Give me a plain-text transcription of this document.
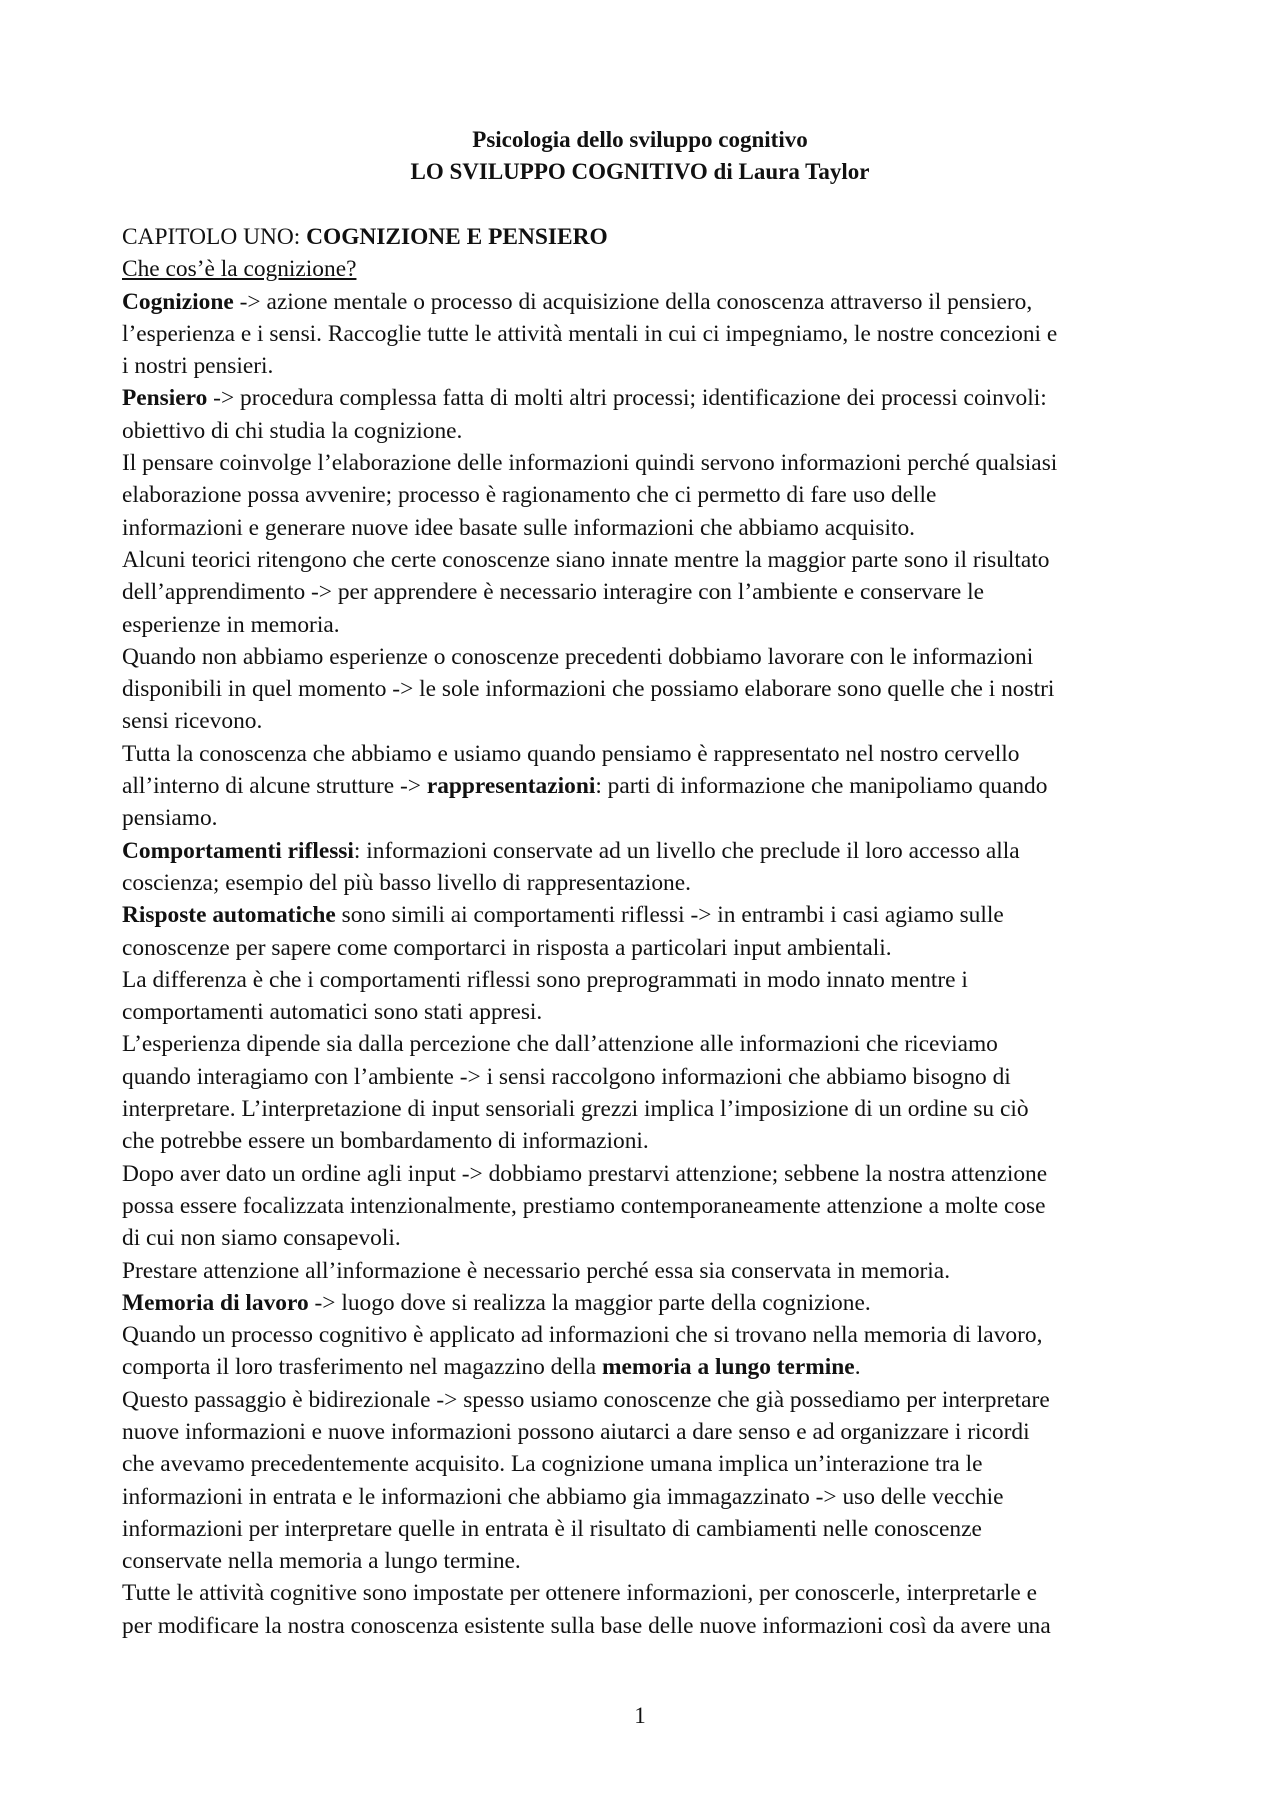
Psicologia dello sviluppo cognitivo
LO SVILUPPO COGNITIVO di Laura Taylor
CAPITOLO UNO: COGNIZIONE E PENSIERO
Che cos’è la cognizione?
Cognizione -> azione mentale o processo di acquisizione della conoscenza attraverso il pensiero,
l’esperienza e i sensi. Raccoglie tutte le attività mentali in cui ci impegniamo, le nostre concezioni e
i nostri pensieri.
Pensiero -> procedura complessa fatta di molti altri processi; identificazione dei processi coinvoli:
obiettivo di chi studia la cognizione.
Il pensare coinvolge l’elaborazione delle informazioni quindi servono informazioni perché qualsiasi
elaborazione possa avvenire; processo è ragionamento che ci permetto di fare uso delle
informazioni e generare nuove idee basate sulle informazioni che abbiamo acquisito.
Alcuni teorici ritengono che certe conoscenze siano innate mentre la maggior parte sono il risultato
dell’apprendimento -> per apprendere è necessario interagire con l’ambiente e conservare le
esperienze in memoria.
Quando non abbiamo esperienze o conoscenze precedenti dobbiamo lavorare con le informazioni
disponibili in quel momento -> le sole informazioni che possiamo elaborare sono quelle che i nostri
sensi ricevono.
Tutta la conoscenza che abbiamo e usiamo quando pensiamo è rappresentato nel nostro cervello
all’interno di alcune strutture -> rappresentazioni: parti di informazione che manipoliamo quando
pensiamo.
Comportamenti riflessi: informazioni conservate ad un livello che preclude il loro accesso alla
coscienza; esempio del più basso livello di rappresentazione.
Risposte automatiche sono simili ai comportamenti riflessi -> in entrambi i casi agiamo sulle
conoscenze per sapere come comportarci in risposta a particolari input ambientali.
La differenza è che i comportamenti riflessi sono preprogrammati in modo innato mentre i
comportamenti automatici sono stati appresi.
L’esperienza dipende sia dalla percezione che dall’attenzione alle informazioni che riceviamo
quando interagiamo con l’ambiente -> i sensi raccolgono informazioni che abbiamo bisogno di
interpretare. L’interpretazione di input sensoriali grezzi implica l’imposizione di un ordine su ciò
che potrebbe essere un bombardamento di informazioni.
Dopo aver dato un ordine agli input -> dobbiamo prestarvi attenzione; sebbene la nostra attenzione
possa essere focalizzata intenzionalmente, prestiamo contemporaneamente attenzione a molte cose
di cui non siamo consapevoli.
Prestare attenzione all’informazione è necessario perché essa sia conservata in memoria.
Memoria di lavoro -> luogo dove si realizza la maggior parte della cognizione.
Quando un processo cognitivo è applicato ad informazioni che si trovano nella memoria di lavoro,
comporta il loro trasferimento nel magazzino della memoria a lungo termine.
Questo passaggio è bidirezionale -> spesso usiamo conoscenze che già possediamo per interpretare
nuove informazioni e nuove informazioni possono aiutarci a dare senso e ad organizzare i ricordi
che avevamo precedentemente acquisito. La cognizione umana implica un’interazione tra le
informazioni in entrata e le informazioni che abbiamo gia immagazzinato -> uso delle vecchie
informazioni per interpretare quelle in entrata è il risultato di cambiamenti nelle conoscenze
conservate nella memoria a lungo termine.
Tutte le attività cognitive sono impostate per ottenere informazioni, per conoscerle, interpretarle e
per modificare la nostra conoscenza esistente sulla base delle nuove informazioni così da avere una
1
